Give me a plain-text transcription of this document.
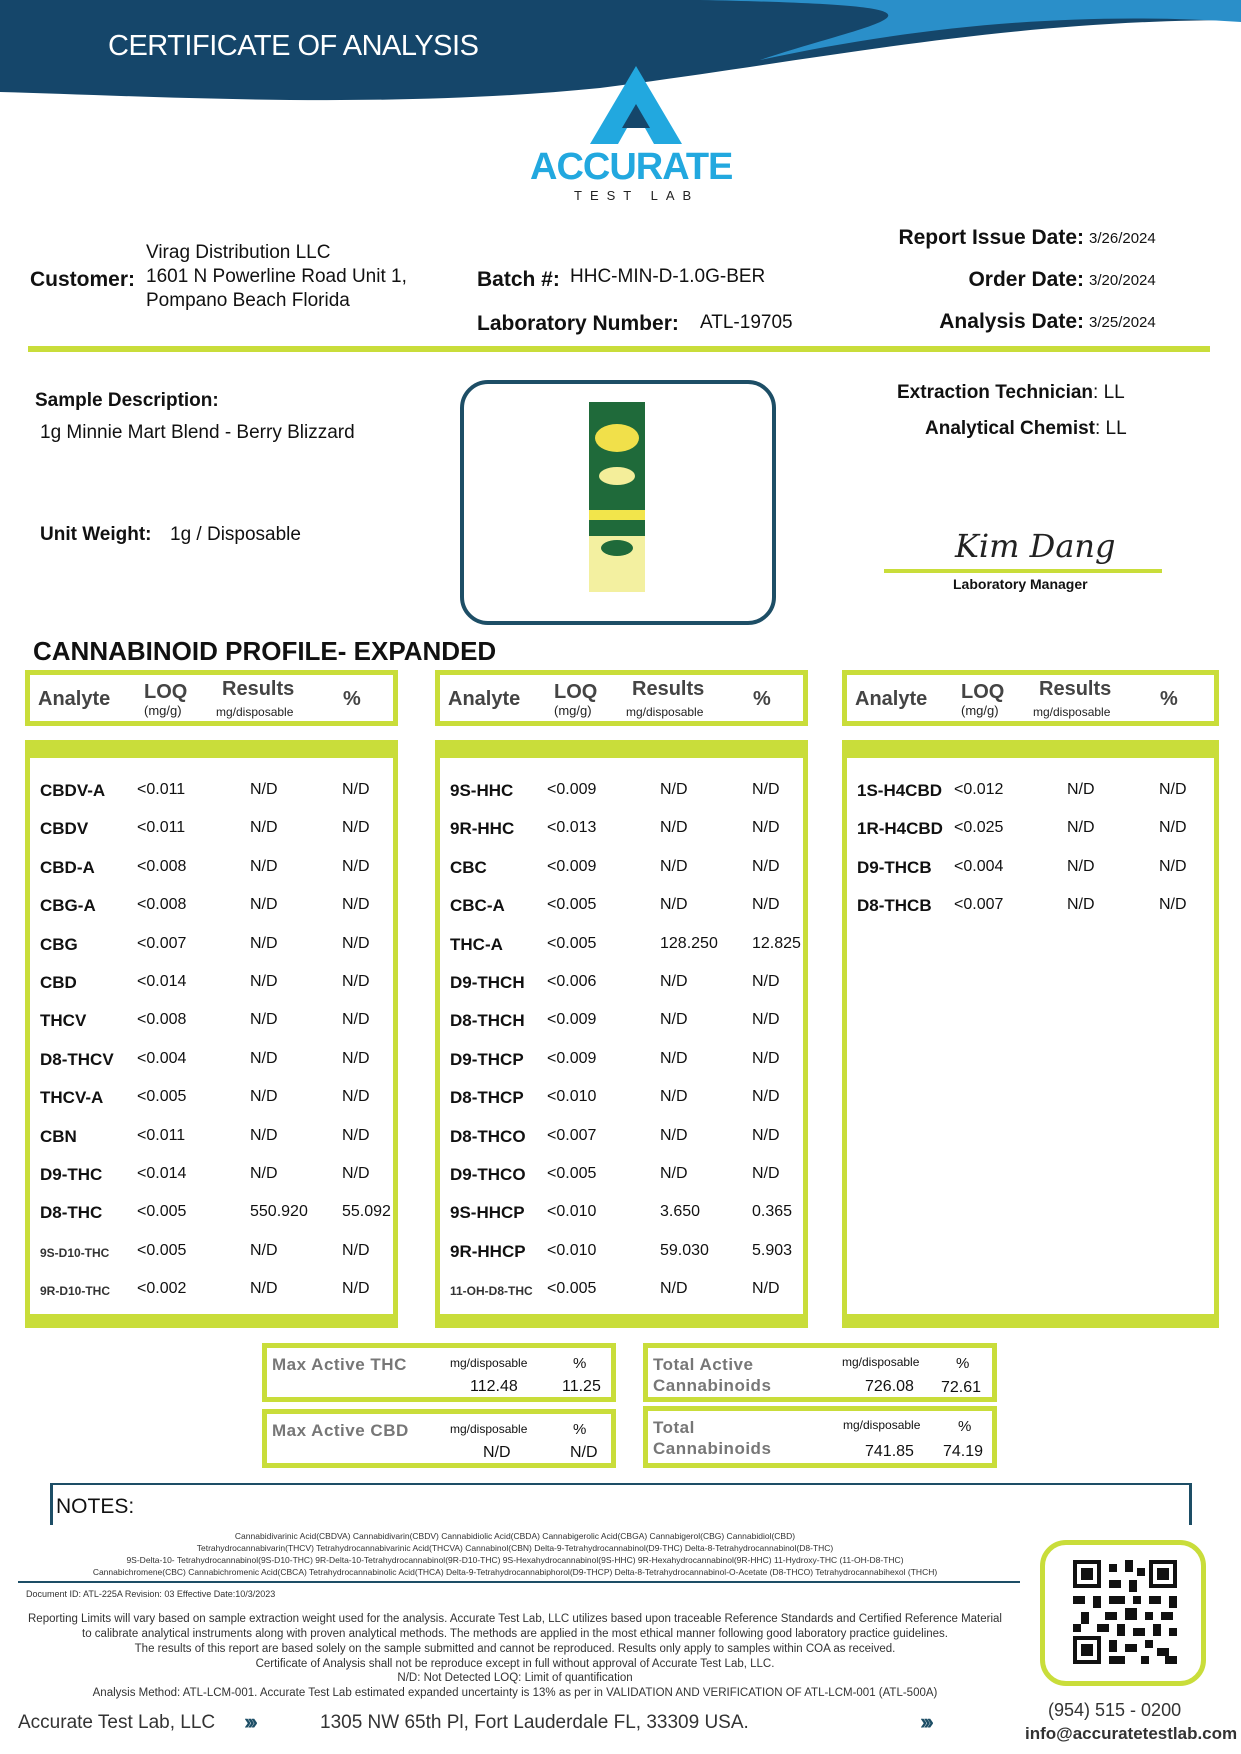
CERTIFICATE OF ANALYSIS
ACCURATE
TEST LAB
Customer:
Virag Distribution LLC
1601 N Powerline Road Unit 1,
Pompano Beach Florida
Batch #: HHC-MIN-D-1.0G-BER
Laboratory Number: ATL-19705
Report Issue Date: 3/26/2024
Order Date: 3/20/2024
Analysis Date: 3/25/2024
Sample Description:
1g Minnie Mart Blend - Berry Blizzard
Unit Weight: 1g / Disposable
Extraction Technician: LL
Analytical Chemist: LL
Kim Dang
Laboratory Manager
CANNABINOID PROFILE- EXPANDED
Analyte LOQ
(mg/g)
Results
mg/disposable
%
CBDV-A <0.011	N/D	N/D
CBDV	<0.011	N/D	N/D
CBD-A	<0.008	N/D	N/D
CBG-A	<0.008	N/D	N/D
CBG	<0.007	N/D	N/D
CBD	<0.014	N/D	N/D
THCV	<0.008	N/D	N/D
D8-THCV <0.004	N/D	N/D
THCV-A <0.005	N/D	N/D
CBN	<0.011	N/D	N/D
D9-THC <0.014	N/D	N/D
D8-THC <0.005	550.920 55.092
9S-D10-THC <0.005	N/D	N/D
9R-D10-THC <0.002	N/D	N/D
Analyte LOQ
(mg/g)
Results
mg/disposable
%
9S-HHC <0.009	N/D	N/D
9R-HHC <0.013	N/D	N/D
CBC	<0.009	N/D	N/D
CBC-A	<0.005	N/D	N/D
THC-A	<0.005	128.250 12.825
D9-THCH <0.006	N/D	N/D
D8-THCH <0.009	N/D	N/D
D9-THCP <0.009	N/D	N/D
D8-THCP <0.010	N/D	N/D
D8-THCO <0.007	N/D	N/D
D9-THCO <0.005	N/D	N/D
9S-HHCP <0.010	3.650	0.365
9R-HHCP <0.010	59.030	5.903
11-OH-D8-THC <0.005	N/D	N/D
Analyte LOQ
(mg/g)
Results
mg/disposable
%
1S-H4CBD <0.012	N/D	N/D
1R-H4CBD <0.025	N/D	N/D
D9-THCB <0.004	N/D	N/D
D8-THCB <0.007	N/D	N/D
Max Active THC	mg/disposable	%
112.48	11.25
Max Active CBD	mg/disposable	%
N/D	N/D
Total Active
Cannabinoids
mg/disposable %
726.08 72.61
Total
Cannabinoids
mg/disposable	%
741.85 74.19
NOTES:
Cannabidivarinic Acid(CBDVA) Cannabidivarin(CBDV) Cannabidiolic Acid(CBDA) Cannabigerolic Acid(CBGA) Cannabigerol(CBG) Cannabidiol(CBD)
Tetrahydrocannabivarin(THCV) Tetrahydrocannabivarinic Acid(THCVA) Cannabinol(CBN) Delta-9-Tetrahydrocannabinol(D9-THC) Delta-8-Tetrahydrocannabinol(D8-THC)
9S-Delta-10- Tetrahydrocannabinol(9S-D10-THC) 9R-Delta-10-Tetrahydrocannabinol(9R-D10-THC) 9S-Hexahydrocannabinol(9S-HHC) 9R-Hexahydrocannabinol(9R-HHC) 11-Hydroxy-THC (11-OH-D8-THC)
Cannabichromene(CBC) Cannabichromenic Acid(CBCA) Tetrahydrocannabinolic Acid(THCA) Delta-9-Tetrahydrocannabiphorol(D9-THCP) Delta-8-Tetrahydrocannabinol-O-Acetate (D8-THCO) Tetrahydrocannabihexol (THCH)
Document ID: ATL-225A Revision: 03 Effective Date:10/3/2023
Reporting Limits will vary based on sample extraction weight used for the analysis. Accurate Test Lab, LLC utilizes based upon traceable Reference Standards and Certified Reference Material
to calibrate analytical instruments along with proven analytical methods. The methods are applied in the most ethical manner following good laboratory practice guidelines.
The results of this report are based solely on the sample submitted and cannot be reproduced. Results only apply to samples within COA as received.
Certificate of Analysis shall not be reproduce except in full without approval of Accurate Test Lab, LLC.
N/D: Not Detected LOQ: Limit of quantification
Analysis Method: ATL-LCM-001. Accurate Test Lab estimated expanded uncertainty is 13% as per in VALIDATION AND VERIFICATION OF ATL-LCM-001 (ATL-500A)
Accurate Test Lab, LLC ›››	1305 NW 65th Pl, Fort Lauderdale FL, 33309 USA.	›››	(954) 515 - 0200
info@accuratetestlab.com
